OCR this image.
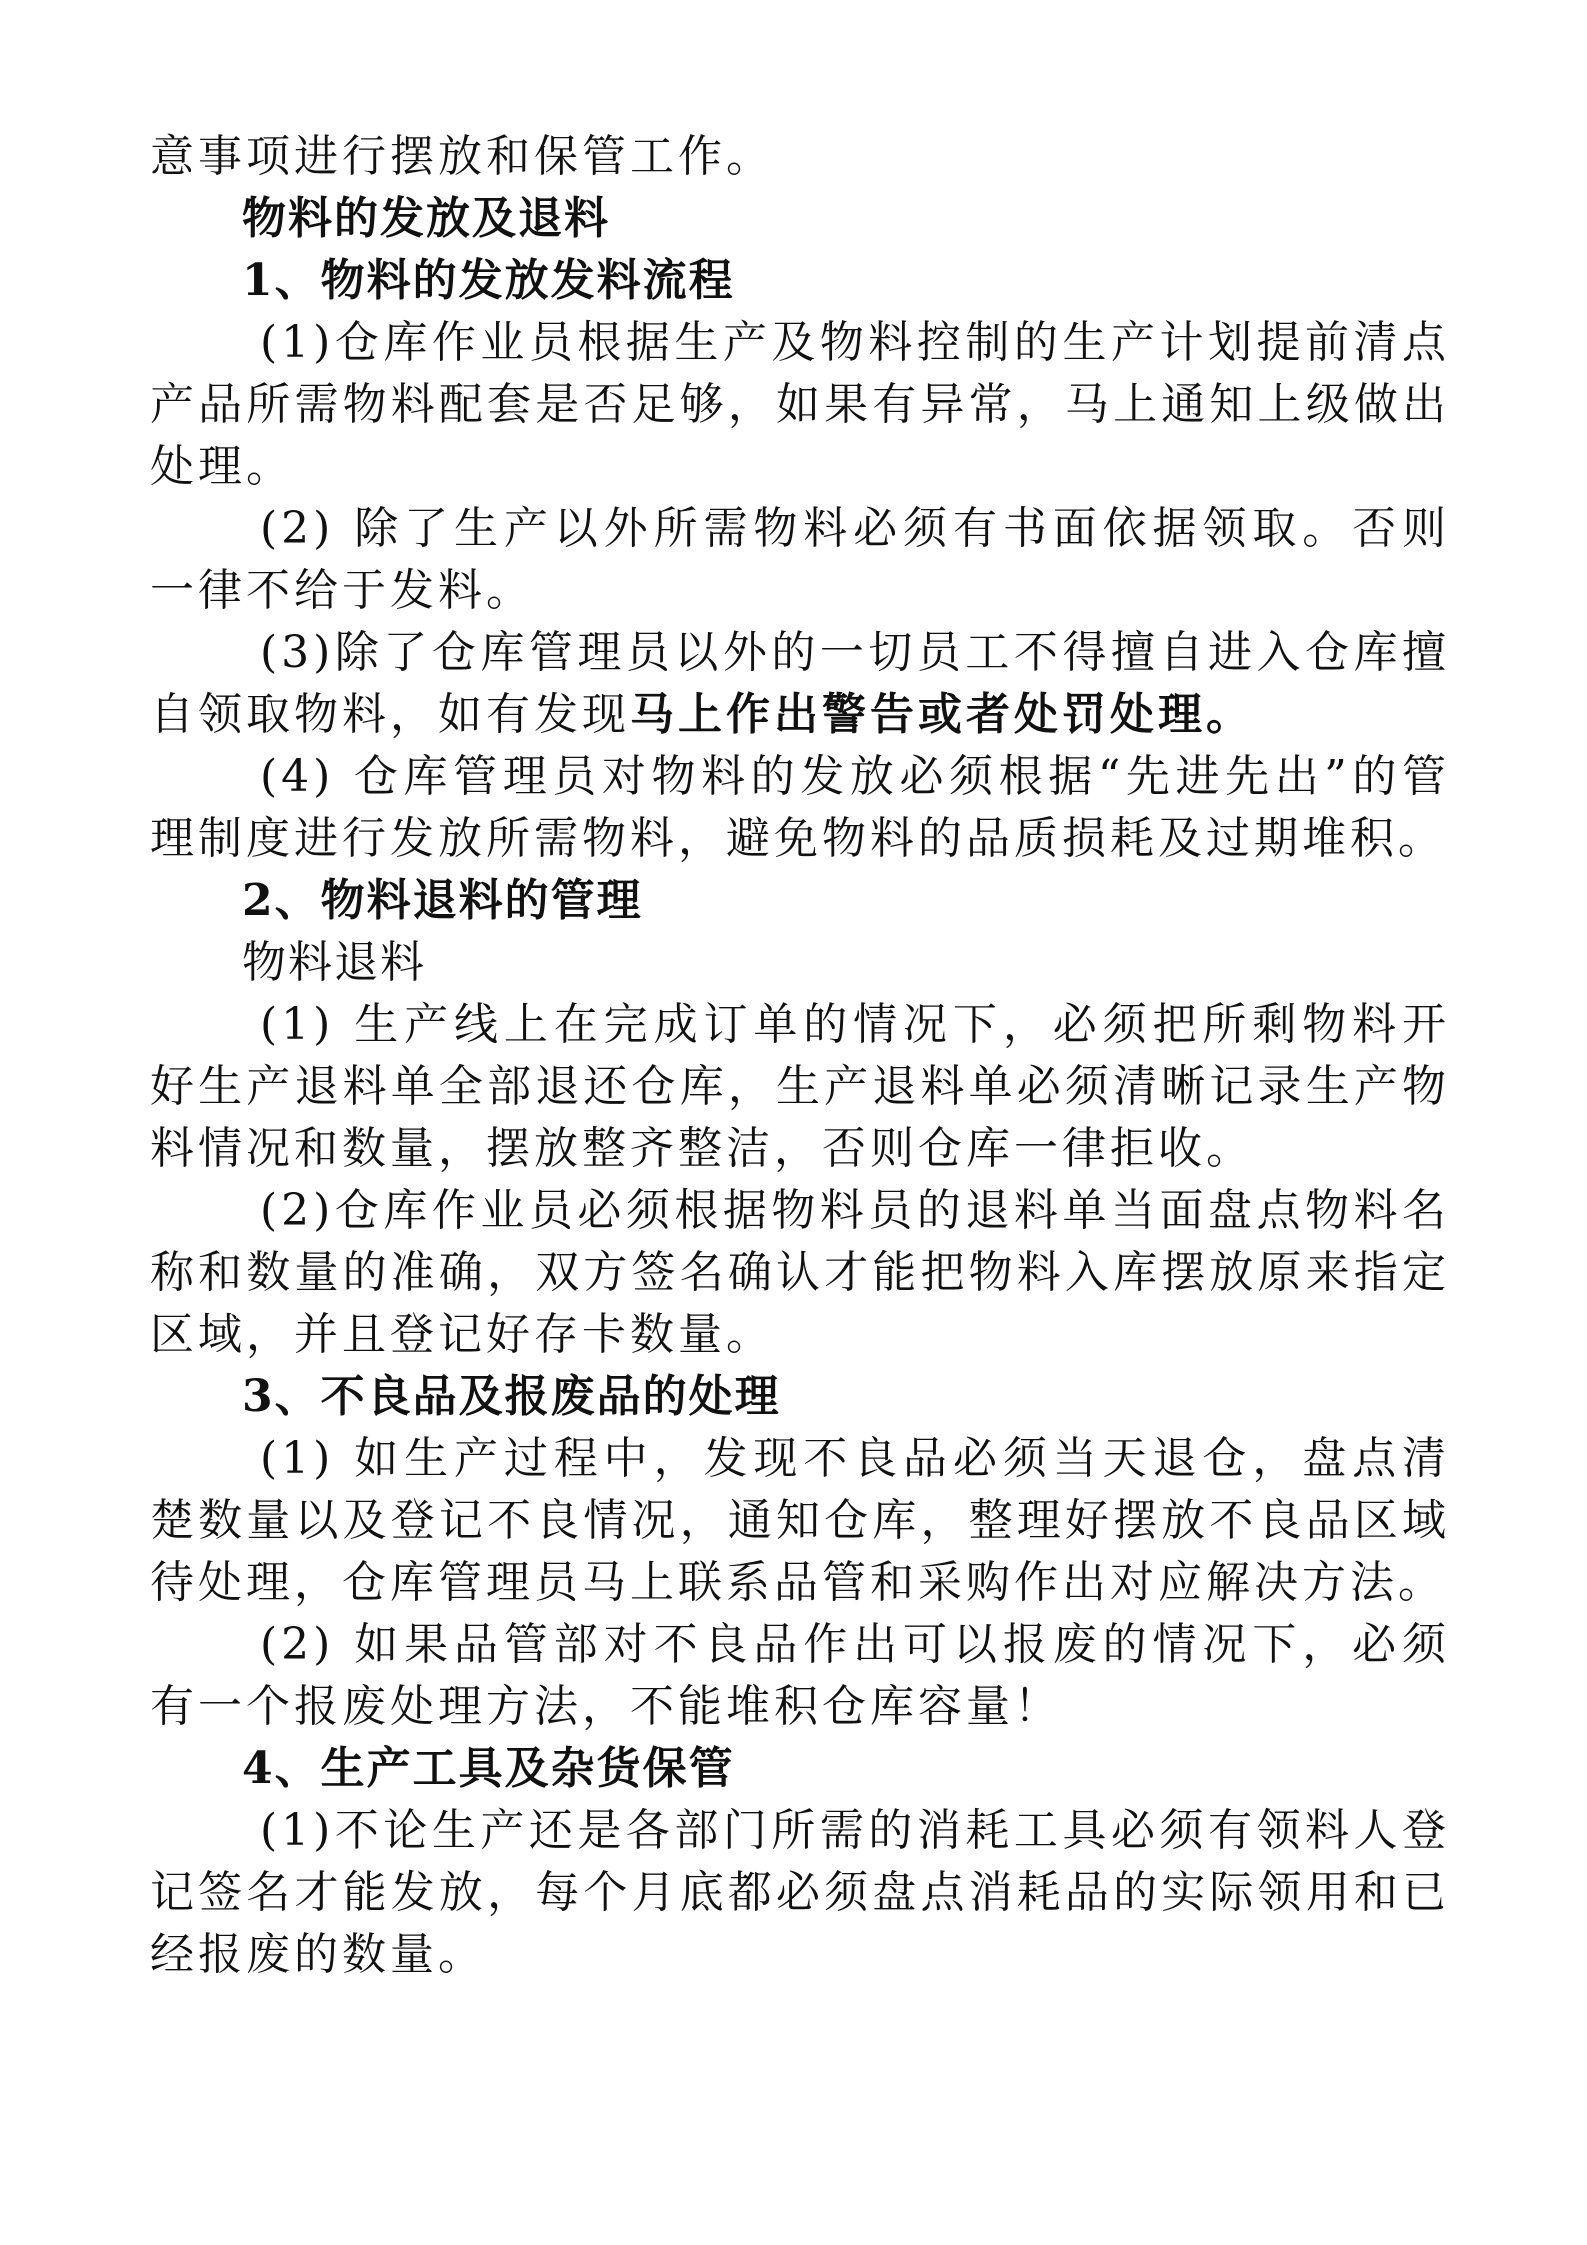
意事项进行摆放和保管工作。

物料的发放及退料

1、物料的发放发料流程

(1)仓库作业员根据生产及物料控制的生产计划提前清点产品所需物料配套是否足够，如果有异常，马上通知上级做出处理。

(2) 除了生产以外所需物料必须有书面依据领取。否则一律不给于发料。

(3)除了仓库管理员以外的一切员工不得擅自进入仓库擅自领取物料，如有发现马上作出警告或者处罚处理。

(4) 仓库管理员对物料的发放必须根据“先进先出”的管理制度进行发放所需物料，避免物料的品质损耗及过期堆积。

2、物料退料的管理

物料退料

(1) 生产线上在完成订单的情况下，必须把所剩物料开好生产退料单全部退还仓库，生产退料单必须清晰记录生产物料情况和数量，摆放整齐整洁，否则仓库一律拒收。

(2)仓库作业员必须根据物料员的退料单当面盘点物料名称和数量的准确，双方签名确认才能把物料入库摆放原来指定区域，并且登记好存卡数量。

3、不良品及报废品的处理

(1) 如生产过程中，发现不良品必须当天退仓，盘点清楚数量以及登记不良情况，通知仓库，整理好摆放不良品区域待处理，仓库管理员马上联系品管和采购作出对应解决方法。

(2) 如果品管部对不良品作出可以报废的情况下，必须有一个报废处理方法，不能堆积仓库容量！

4、生产工具及杂货保管

(1)不论生产还是各部门所需的消耗工具必须有领料人登记签名才能发放，每个月底都必须盘点消耗品的实际领用和已经报废的数量。
